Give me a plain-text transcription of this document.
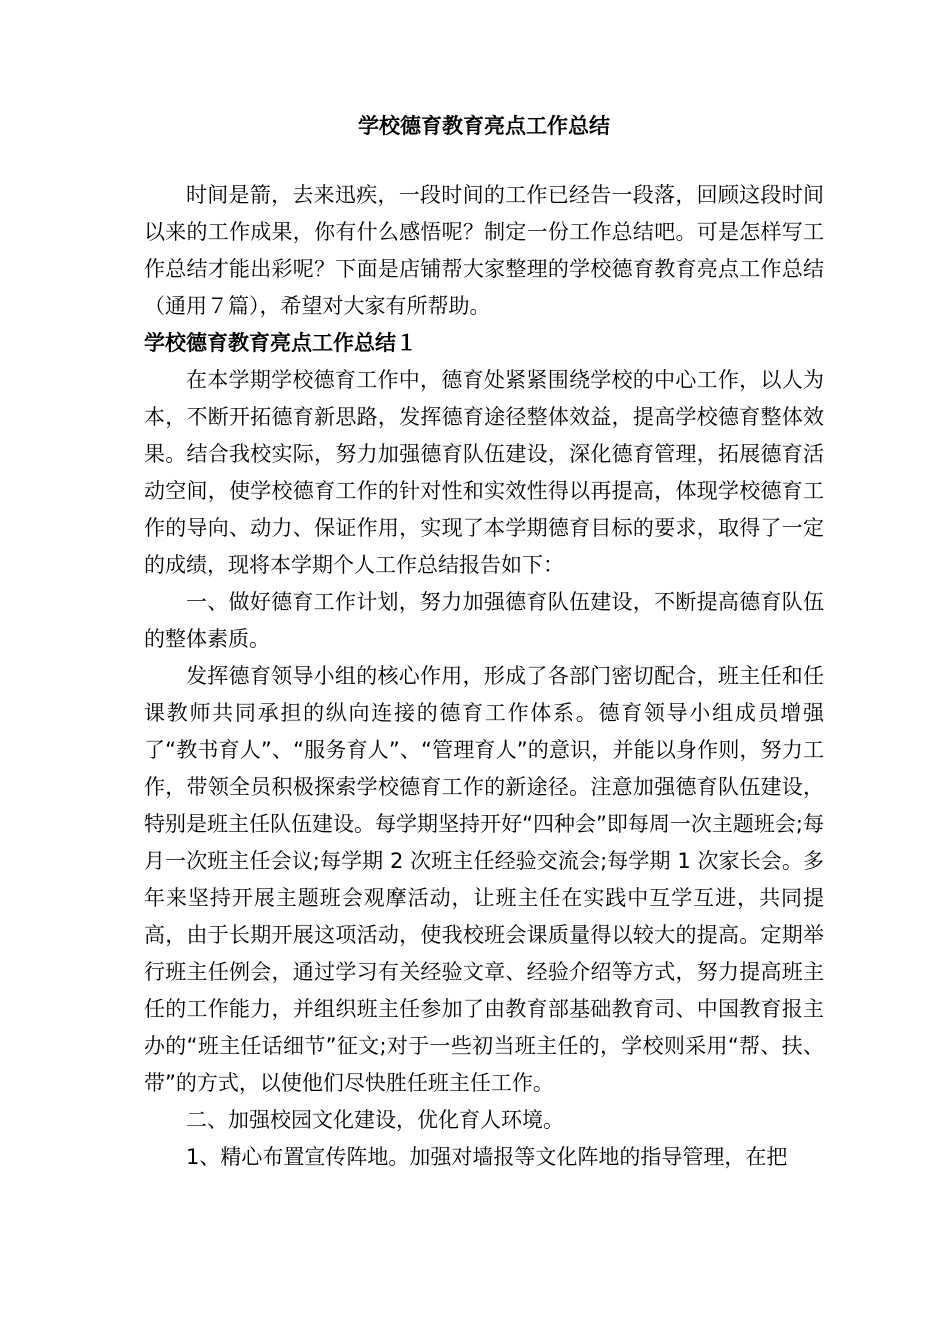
学校德育教育亮点工作总结

时间是箭，去来迅疾，一段时间的工作已经告一段落，回顾这段时间以来的工作成果，你有什么感悟呢？制定一份工作总结吧。可是怎样写工作总结才能出彩呢？下面是店铺帮大家整理的学校德育教育亮点工作总结（通用７篇），希望对大家有所帮助。

学校德育教育亮点工作总结１

在本学期学校德育工作中，德育处紧紧围绕学校的中心工作，以人为本，不断开拓德育新思路，发挥德育途径整体效益，提高学校德育整体效果。结合我校实际，努力加强德育队伍建设，深化德育管理，拓展德育活动空间，使学校德育工作的针对性和实效性得以再提高，体现学校德育工作的导向、动力、保证作用，实现了本学期德育目标的要求，取得了一定的成绩，现将本学期个人工作总结报告如下：

一、做好德育工作计划，努力加强德育队伍建设，不断提高德育队伍的整体素质。

发挥德育领导小组的核心作用，形成了各部门密切配合，班主任和任课教师共同承担的纵向连接的德育工作体系。德育领导小组成员增强了“教书育人”、“服务育人”、“管理育人”的意识，并能以身作则，努力工作，带领全员积极探索学校德育工作的新途径。注意加强德育队伍建设，特别是班主任队伍建设。每学期坚持开好“四种会”即每周一次主题班会;每月一次班主任会议;每学期 2 次班主任经验交流会;每学期 1 次家长会。多年来坚持开展主题班会观摩活动，让班主任在实践中互学互进，共同提高，由于长期开展这项活动，使我校班会课质量得以较大的提高。定期举行班主任例会，通过学习有关经验文章、经验介绍等方式，努力提高班主任的工作能力，并组织班主任参加了由教育部基础教育司、中国教育报主办的“班主任话细节”征文;对于一些初当班主任的，学校则采用“帮、扶、带”的方式，以使他们尽快胜任班主任工作。

二、加强校园文化建设，优化育人环境。

1、精心布置宣传阵地。加强对墙报等文化阵地的指导管理，在把
